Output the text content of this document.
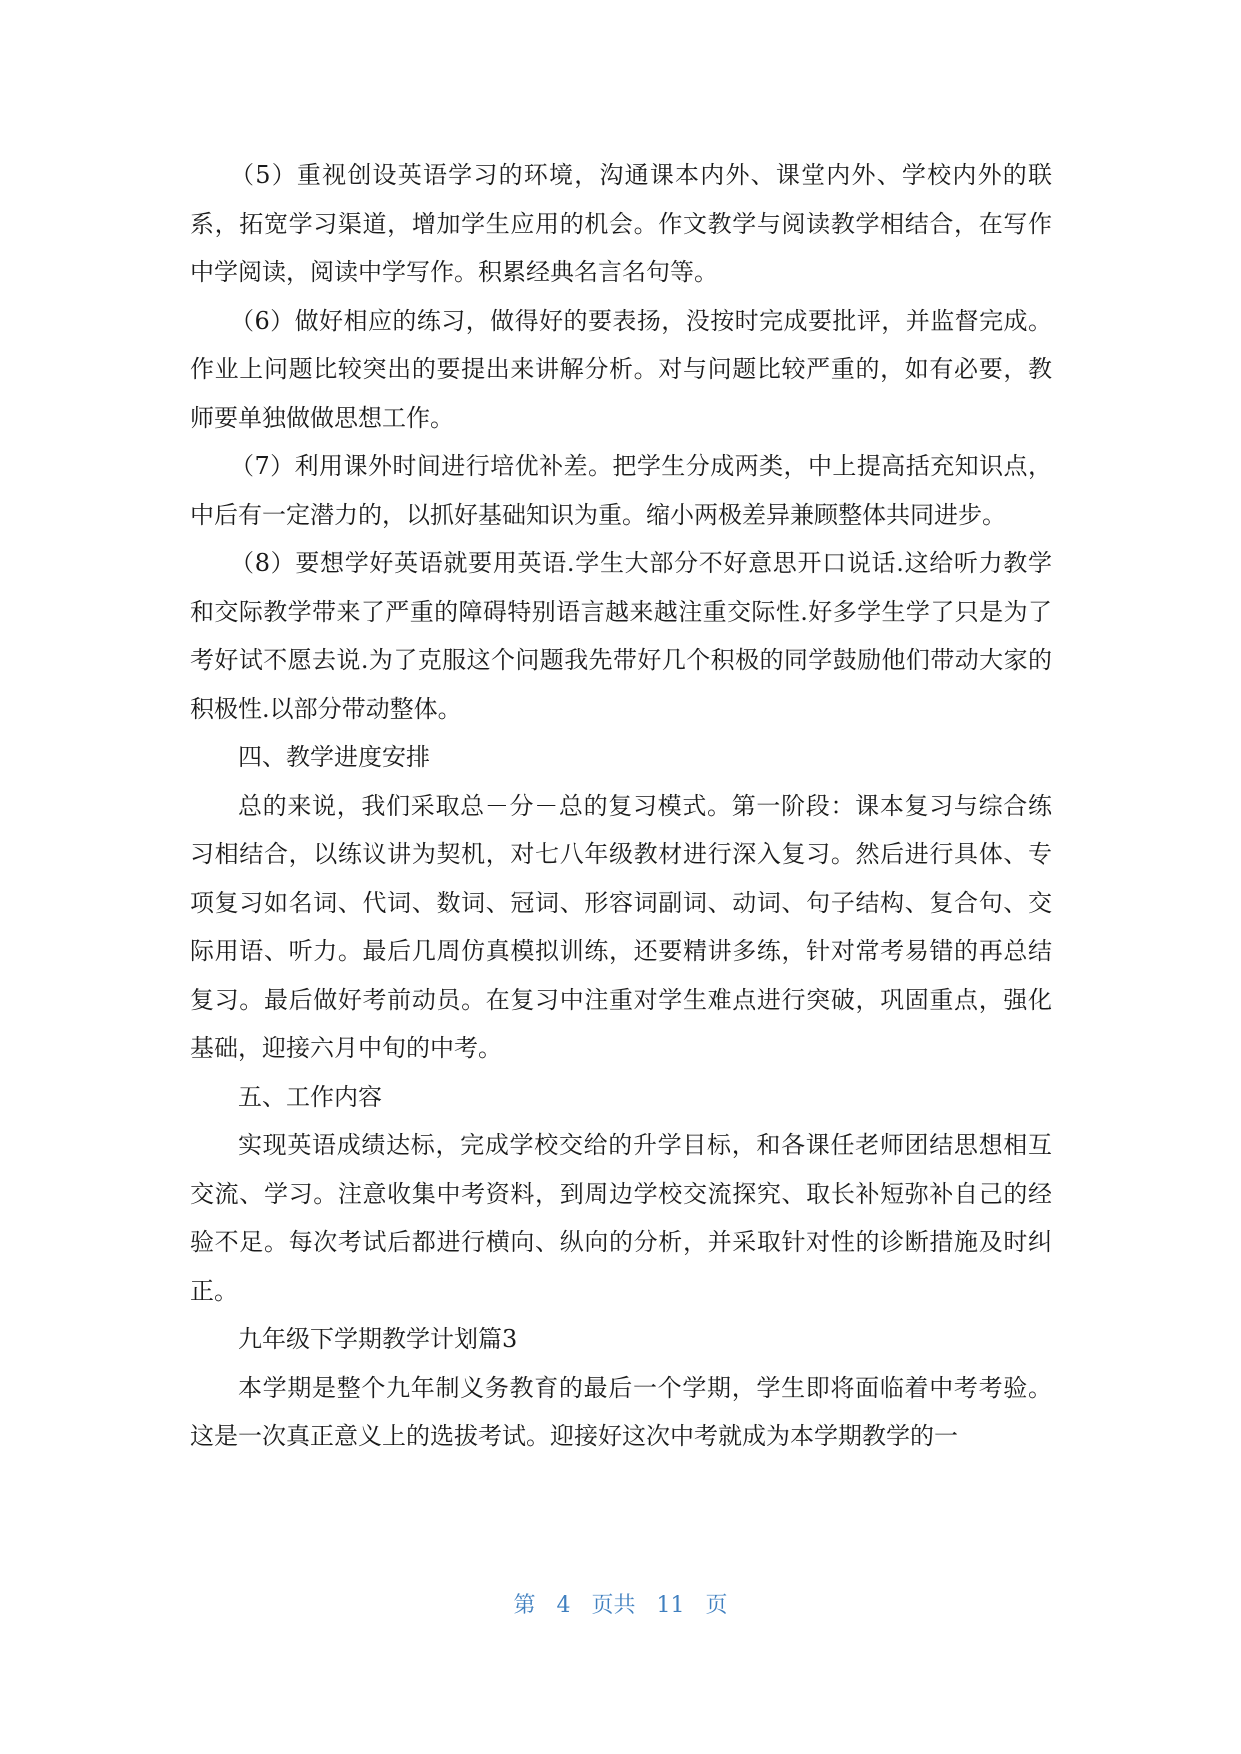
（5）重视创设英语学习的环境，沟通课本内外、课堂内外、学校内外的联系，拓宽学习渠道，增加学生应用的机会。作文教学与阅读教学相结合，在写作中学阅读，阅读中学写作。积累经典名言名句等。

（6）做好相应的练习，做得好的要表扬，没按时完成要批评，并监督完成。作业上问题比较突出的要提出来讲解分析。对与问题比较严重的，如有必要，教师要单独做做思想工作。

（7）利用课外时间进行培优补差。把学生分成两类，中上提高括充知识点，中后有一定潜力的，以抓好基础知识为重。缩小两极差异兼顾整体共同进步。

（8）要想学好英语就要用英语.学生大部分不好意思开口说话.这给听力教学和交际教学带来了严重的障碍特别语言越来越注重交际性.好多学生学了只是为了考好试不愿去说.为了克服这个问题我先带好几个积极的同学鼓励他们带动大家的积极性.以部分带动整体。

四、教学进度安排

总的来说，我们采取总－分－总的复习模式。第一阶段：课本复习与综合练习相结合，以练议讲为契机，对七八年级教材进行深入复习。然后进行具体、专项复习如名词、代词、数词、冠词、形容词副词、动词、句子结构、复合句、交际用语、听力。最后几周仿真模拟训练，还要精讲多练，针对常考易错的再总结复习。最后做好考前动员。在复习中注重对学生难点进行突破，巩固重点，强化基础，迎接六月中旬的中考。

五、工作内容

实现英语成绩达标，完成学校交给的升学目标，和各课任老师团结思想相互交流、学习。注意收集中考资料，到周边学校交流探究、取长补短弥补自己的经验不足。每次考试后都进行横向、纵向的分析，并采取针对性的诊断措施及时纠正。

九年级下学期教学计划篇3

本学期是整个九年制义务教育的最后一个学期，学生即将面临着中考考验。这是一次真正意义上的选拔考试。迎接好这次中考就成为本学期教学的一

第 4 页共 11 页
